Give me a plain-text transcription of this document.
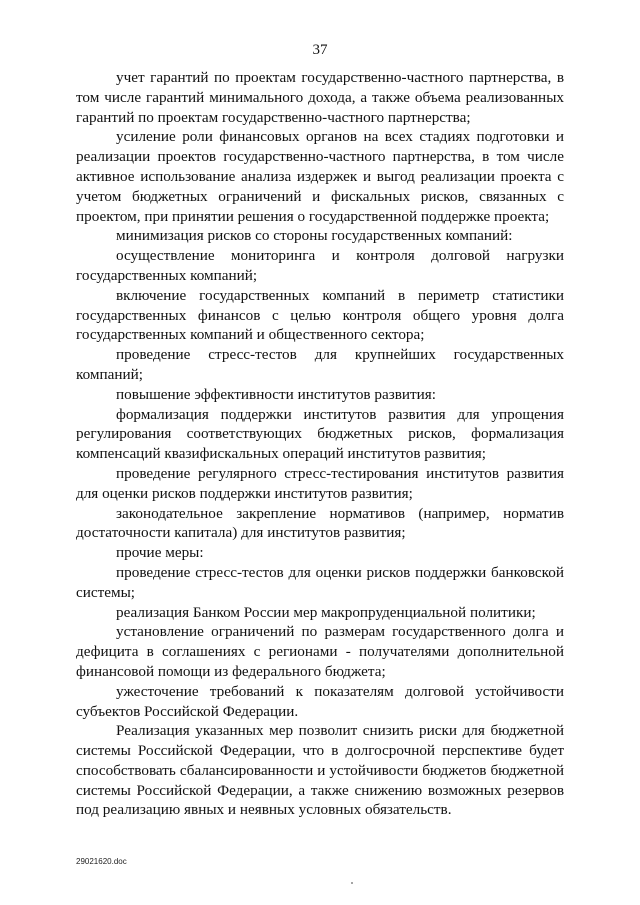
37

учет гарантий по проектам государственно-частного партнерства, в том числе гарантий минимального дохода, а также объема реализованных гарантий по проектам государственно-частного партнерства;

усиление роли финансовых органов на всех стадиях подготовки и реализации проектов государственно-частного партнерства, в том числе активное использование анализа издержек и выгод реализации проекта с учетом бюджетных ограничений и фискальных рисков, связанных с проектом, при принятии решения о государственной поддержке проекта;

минимизация рисков со стороны государственных компаний:

осуществление мониторинга и контроля долговой нагрузки государственных компаний;

включение государственных компаний в периметр статистики государственных финансов с целью контроля общего уровня долга государственных компаний и общественного сектора;

проведение стресс-тестов для крупнейших государственных компаний;

повышение эффективности институтов развития:

формализация поддержки институтов развития для упрощения регулирования соответствующих бюджетных рисков, формализация компенсаций квазифискальных операций институтов развития;

проведение регулярного стресс-тестирования институтов развития для оценки рисков поддержки институтов развития;

законодательное закрепление нормативов (например, норматив достаточности капитала) для институтов развития;

прочие меры:

проведение стресс-тестов для оценки рисков поддержки банковской системы;

реализация Банком России мер макропруденциальной политики;

установление ограничений по размерам государственного долга и дефицита в соглашениях с регионами - получателями дополнительной финансовой помощи из федерального бюджета;

ужесточение требований к показателям долговой устойчивости субъектов Российской Федерации.

Реализация указанных мер позволит снизить риски для бюджетной системы Российской Федерации, что в долгосрочной перспективе будет способствовать сбалансированности и устойчивости бюджетов бюджетной системы Российской Федерации, а также снижению возможных резервов под реализацию явных и неявных условных обязательств.

29021620.doc
